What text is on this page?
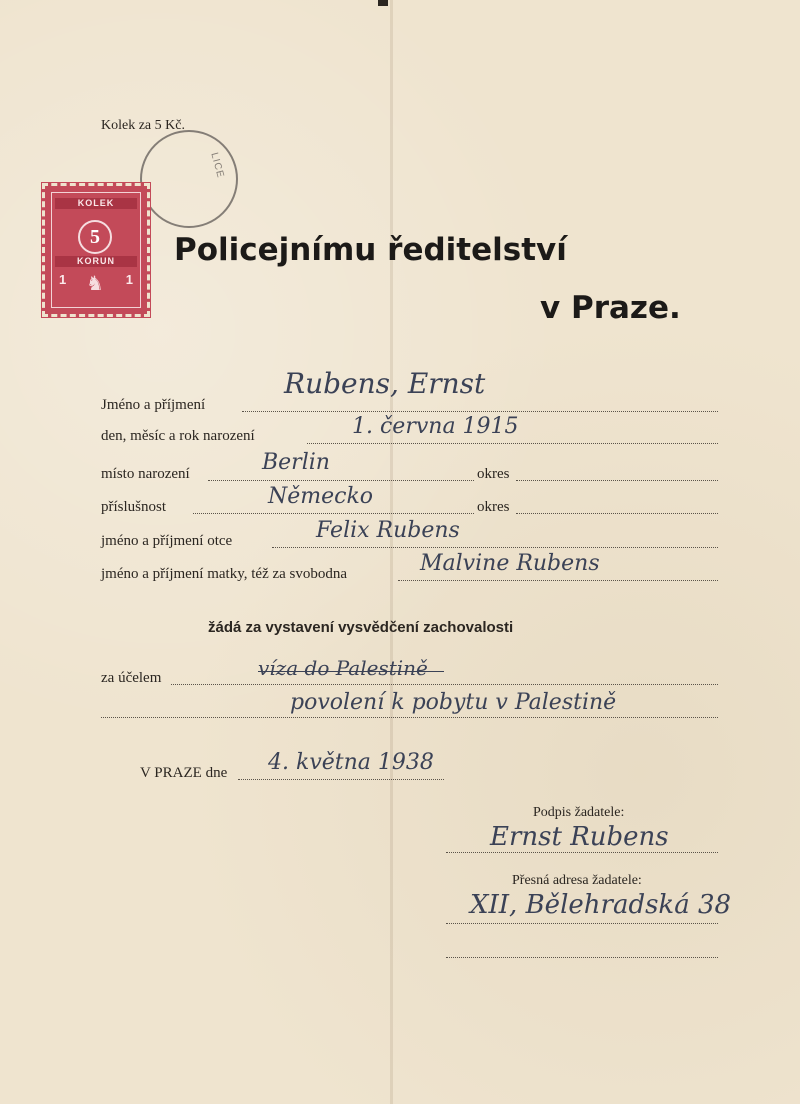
Kolek za 5 Kč.
LICE
KOLEK
5
KORUN
1 ♞ 1
Policejnímu ředitelství
v Praze.
Jméno a příjmení
Rubens, Ernst
den, měsíc a rok narození	1. června 1915
místo narození	Berlin	okres
příslušnost	Německo	okres
jméno a příjmení otce	Felix Rubens
jméno a příjmení matky, též za svobodna	Malvine Rubens
žádá za vystavení vysvědčení zachovalosti
za účelem	víza do Palestině
povolení k pobytu v Palestině
V PRAZE dne 4. května 1938
Podpis žadatele:
Ernst Rubens
Přesná adresa žadatele:
XII, Bělehradská 38
